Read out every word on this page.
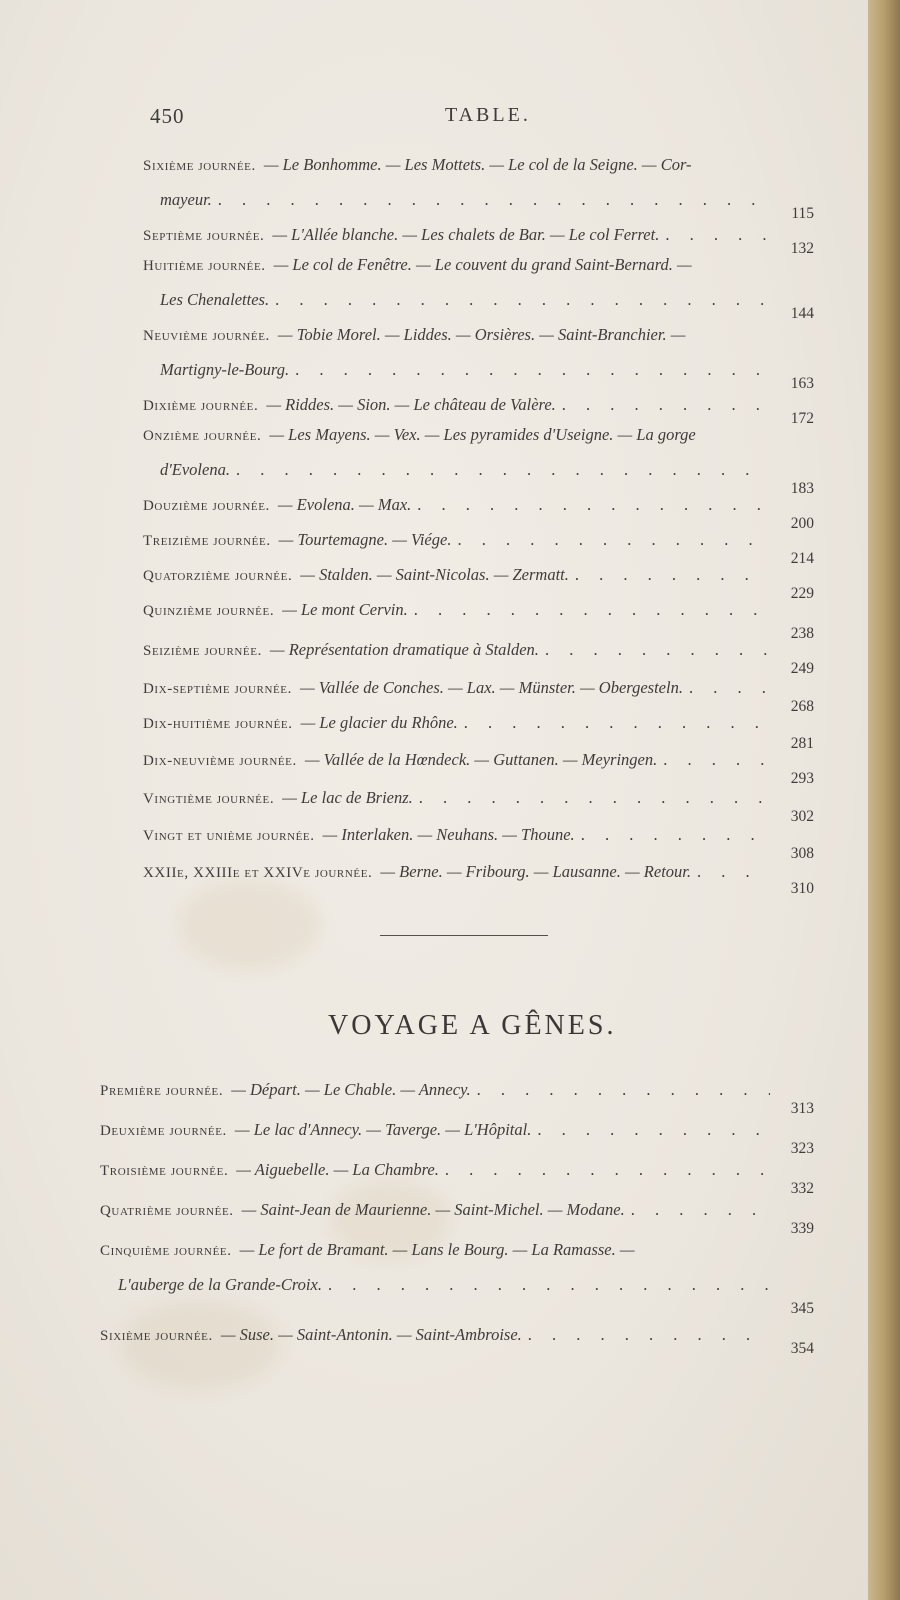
450	TABLE.
Sixième journée. — Le Bonhomme. — Les Mottets. — Le col de la Seigne. — Cor-
mayeur.
. . .
115
Septième journée. — L'Allée blanche. — Les chalets de Bar. — Le col Ferret.
. . .
132
Huitième journée. — Le col de Fenêtre. — Le couvent du grand Saint-Bernard. —
Les Chenalettes.
. . .
144
Neuvième journée. — Tobie Morel. — Liddes. — Orsières. — Saint-Branchier. —
Martigny-le-Bourg.
. . .
163
Dixième journée. — Riddes. — Sion. — Le château de Valère.
. . .
172
Onzième journée. — Les Mayens. — Vex. — Les pyramides d'Useigne. — La gorge
d'Evolena.
. . .
183
Douzième journée. — Evolena. — Max.
. . .
200
Treizième journée. — Tourtemagne. — Viége.
. . .
214
Quatorzième journée. — Stalden. — Saint-Nicolas. — Zermatt.
. . .
229
Quinzième journée. — Le mont Cervin.
. . .
238
Seizième journée. — Représentation dramatique à Stalden.
. . .
249
Dix-septième journée. — Vallée de Conches. — Lax. — Münster. — Obergesteln.
. . .
268
Dix-huitième journée. — Le glacier du Rhône.
. . .
281
Dix-neuvième journée. — Vallée de la Hœndeck. — Guttanen. — Meyringen.
. . .
293
Vingtième journée. — Le lac de Brienz.
. . .
302
Vingt et unième journée. — Interlaken. — Neuhans. — Thoune.
. . .
308
XXIIe, XXIIIe et XXIVe journée. — Berne. — Fribourg. — Lausanne. — Retour.
. . .
310
Première journée. — Départ. — Le Chable. — Annecy.
. . .
313
Deuxième journée. — Le lac d'Annecy. — Taverge. — L'Hôpital.
. . .
323
Troisième journée. — Aiguebelle. — La Chambre.
. . .
332
Quatrième journée. — Saint-Jean de Maurienne. — Saint-Michel. — Modane.
. . .
339
Cinquième journée. — Le fort de Bramant. — Lans le Bourg. — La Ramasse. —
L'auberge de la Grande-Croix.
. . .
345
Sixième journée. — Suse. — Saint-Antonin. — Saint-Ambroise.
. . .
354
VOYAGE A GÊNES.
